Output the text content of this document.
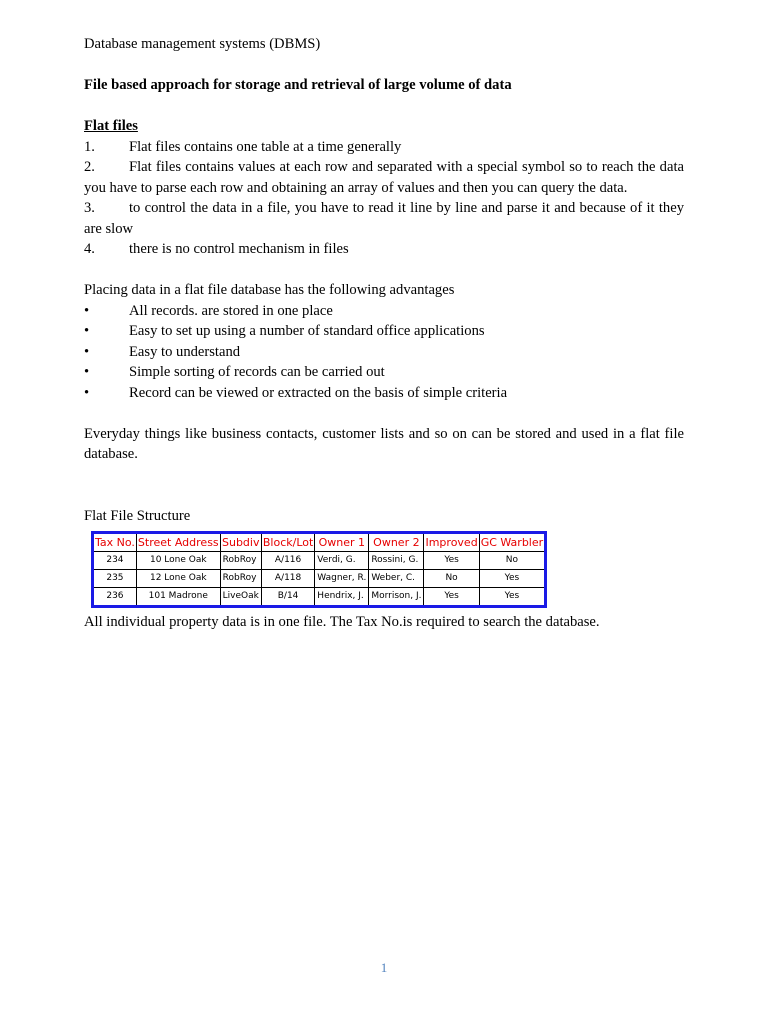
Database management systems (DBMS)

File based approach for storage and retrieval of large volume of data

Flat files

1. Flat files contains one table at a time generally

2. Flat files contains values at each row and separated with a special symbol so to reach the data you have to parse each row and obtaining an array of values and then you can query the data.

3. to control the data in a file, you have to read it line by line and parse it and because of it they are slow

4. there is no control mechanism in files

Placing data in a flat file database has the following advantages

•	All records. are stored in one place

•	Easy to set up using a number of standard office applications

•	Easy to understand

•	Simple sorting of records can be carried out

•	Record can be viewed or extracted on the basis of simple criteria

Everyday things like business contacts, customer lists and so on can be stored and used in a flat file database.

Flat File Structure

Tax No.	Street Address	Subdiv	Block/Lot	Owner 1	Owner 2	Improved	GC Warbler
234	10 Lone Oak	RobRoy	A/116	Verdi, G.	Rossini, G.	Yes	No
235	12 Lone Oak	RobRoy	A/118	Wagner, R.	Weber, C.	No	Yes
236	101 Madrone	LiveOak	B/14	Hendrix, J.	Morrison, J.	Yes	Yes

All individual property data is in one file. The Tax No.is required to search the database.

1
